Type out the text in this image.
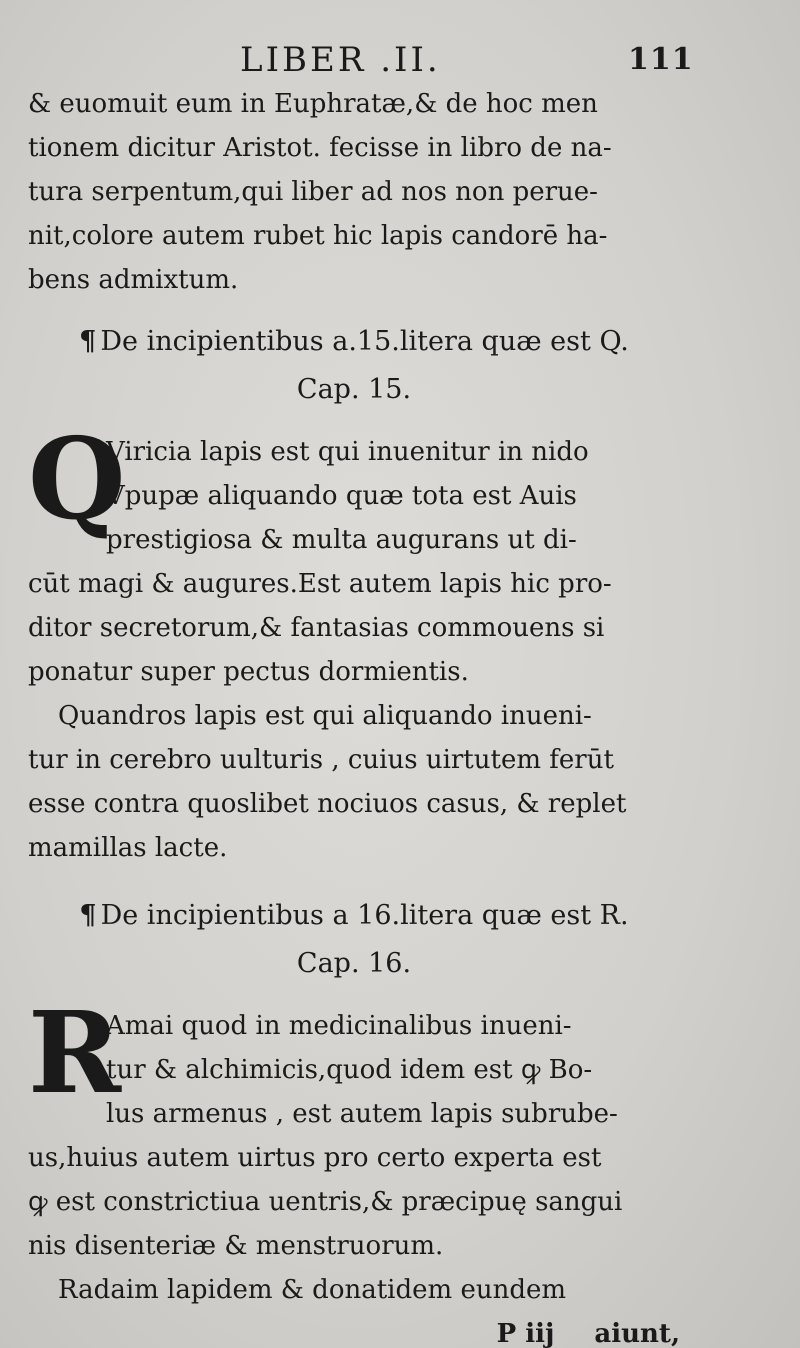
LIBER .II.	111
& euomuit eum in Euphratæ,& de hoc men
tionem dicitur Aristot. fecisse in libro de na-
tura serpentum,qui liber ad nos non perue-
nit,colore autem rubet hic lapis candorē ha-
bens admixtum.
¶ De incipientibus a.15.litera quæ est Q.
Cap. 15.
Q
Viricia lapis est qui inuenitur in nido
Vpupæ aliquando quæ tota est Auis
prestigiosa & multa augurans ut di-
cūt magi & augures.Est autem lapis hic pro-
ditor secretorum,& fantasias commouens si
ponatur super pectus dormientis.
Quandros lapis est qui aliquando inueni-
tur in cerebro uulturis , cuius uirtutem ferūt
esse contra quoslibet nociuos casus, & replet
mamillas lacte.
¶ De incipientibus a 16.litera quæ est R.
Cap. 16.
R
Amai quod in medicinalibus inueni-
tur & alchimicis,quod idem est ꝙ Bo-
lus armenus , est autem lapis subrube-
us,huius autem uirtus pro certo experta est
ꝙ est constrictiua uentris,& præcipuę sangui
nis disenteriæ & menstruorum.
Radaim lapidem & donatidem eundem
P iij aiunt,
